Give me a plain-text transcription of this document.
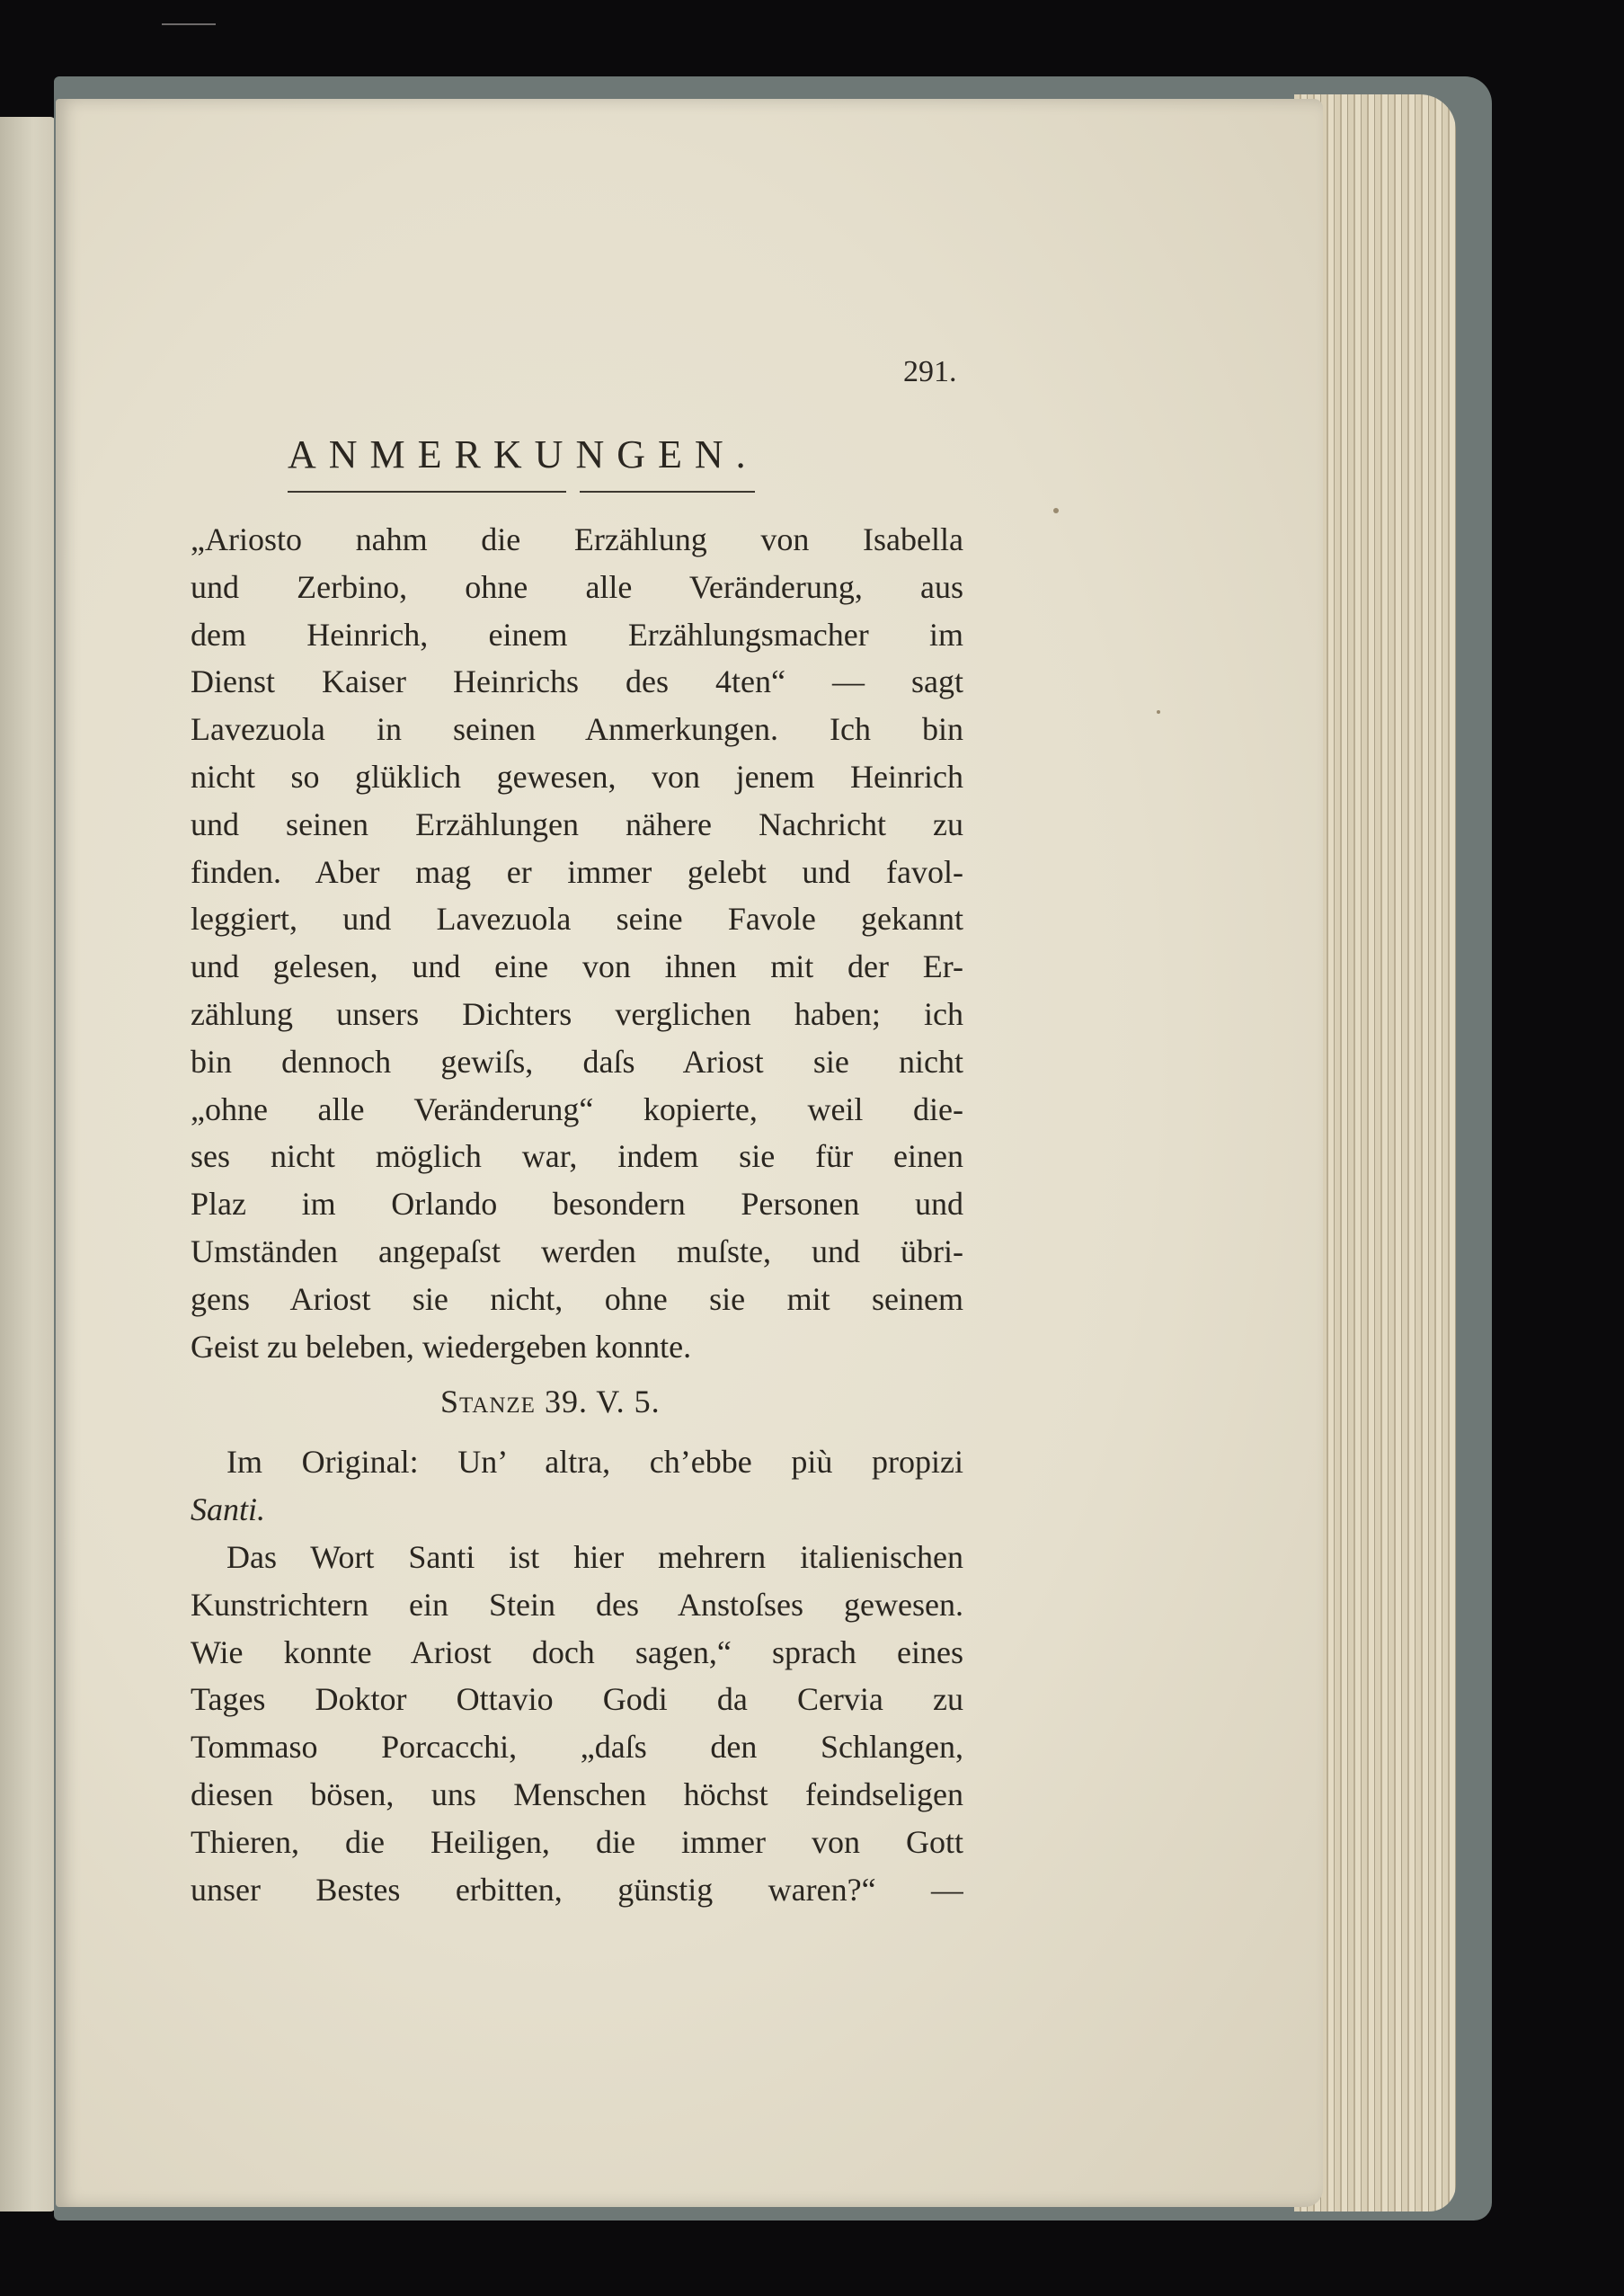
291.
ANMERKUNGEN.
„Ariosto nahm die Erzählung von Isabella
und Zerbino, ohne alle Veränderung, aus
dem Heinrich, einem Erzählungsmacher im
Dienst Kaiser Heinrichs des 4ten“ — sagt
Lavezuola in seinen Anmerkungen. Ich bin
nicht so glüklich gewesen, von jenem Heinrich
und seinen Erzählungen nähere Nachricht zu
finden. Aber mag er immer gelebt und favol-
leggiert, und Lavezuola seine Favole gekannt
und gelesen, und eine von ihnen mit der Er-
zählung unsers Dichters verglichen haben; ich
bin dennoch gewiſs, daſs Ariost sie nicht
„ohne alle Veränderung“ kopierte, weil die-
ses nicht möglich war, indem sie für einen
Plaz im Orlando besondern Personen und
Umständen angepaſst werden muſste, und übri-
gens Ariost sie nicht, ohne sie mit seinem
Geist zu beleben, wiedergeben konnte.
Stanze 39. V. 5.
Im Original: Un’ altra, ch’ebbe più propizi
Santi.
Das Wort Santi ist hier mehrern italienischen
Kunstrichtern ein Stein des Anstoſses gewesen.
Wie konnte Ariost doch sagen,“ sprach eines
Tages Doktor Ottavio Godi da Cervia zu
Tommaso Porcacchi, „daſs den Schlangen,
diesen bösen, uns Menschen höchst feindseligen
Thieren, die Heiligen, die immer von Gott
unser Bestes erbitten, günstig waren?“ —
